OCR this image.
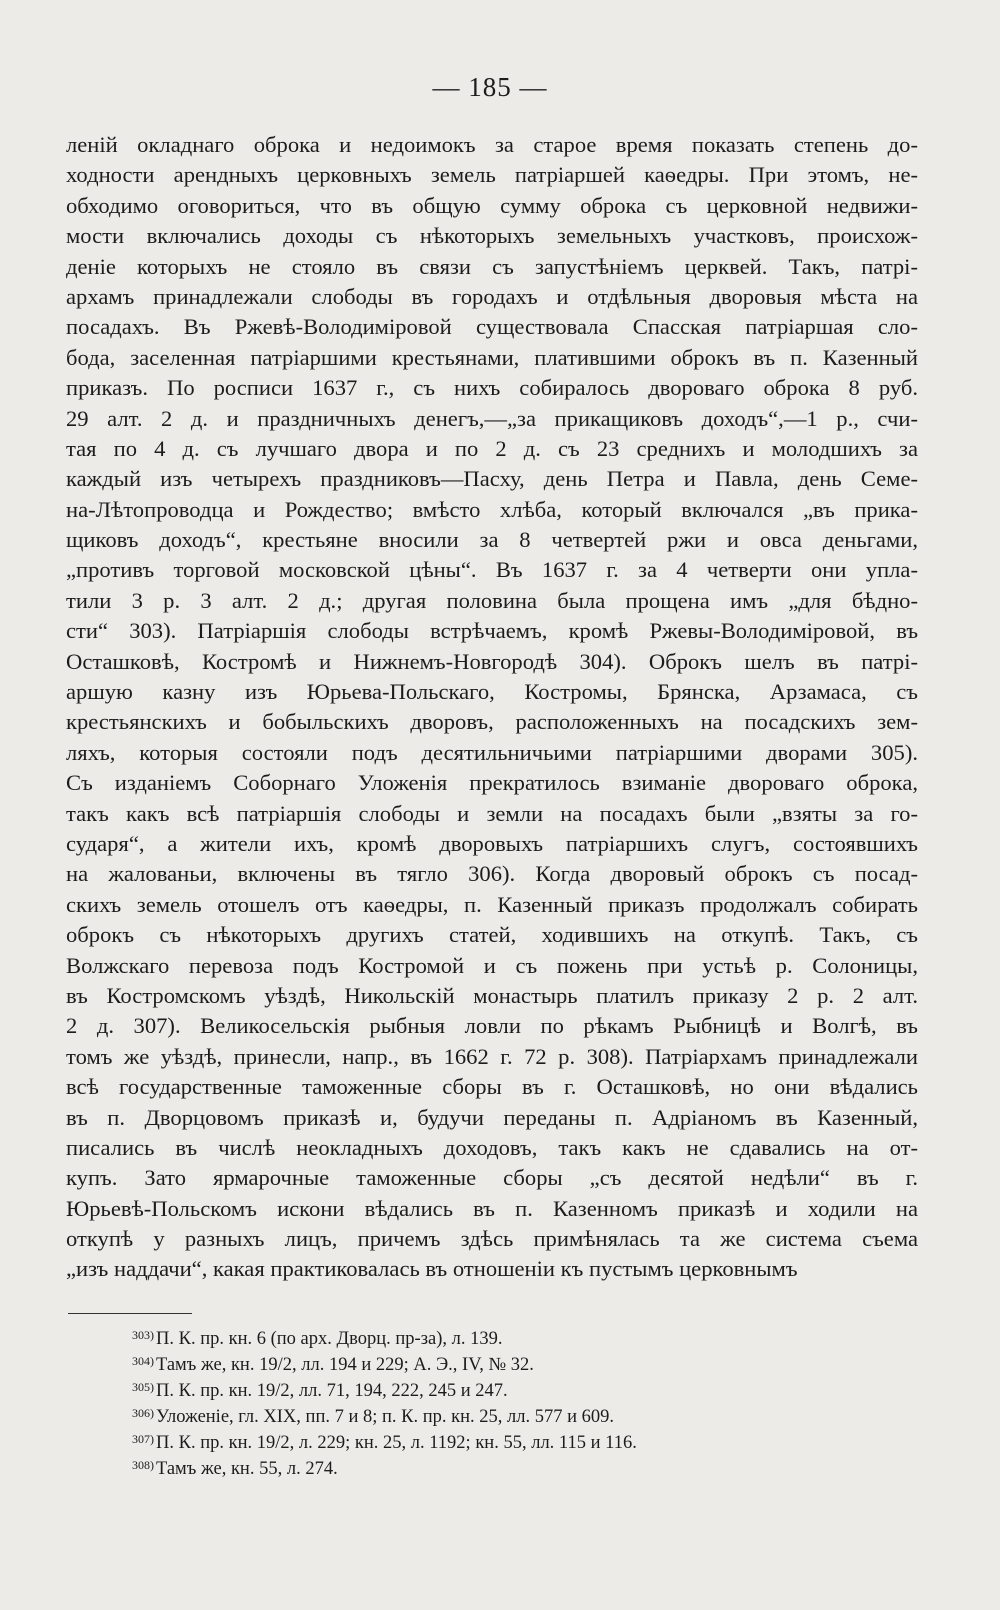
— 185 —
леній окладнаго оброка и недоимокъ за старое время показать степень до-
ходности арендныхъ церковныхъ земель патріаршей каѳедры. При этомъ, не-
обходимо оговориться, что въ общую сумму оброка съ церковной недвижи-
мости включались доходы съ нѣкоторыхъ земельныхъ участковъ, происхож-
деніе которыхъ не стояло въ связи съ запустѣніемъ церквей. Такъ, патрі-
архамъ принадлежали слободы въ городахъ и отдѣльныя дворовыя мѣста на
посадахъ. Въ Ржевѣ-Володимiровой существовала Спасская патріаршая сло-
бода, заселенная патріаршими крестьянами, платившими оброкъ въ п. Казенный
приказъ. По росписи 1637 г., съ нихъ собиралось двороваго оброка 8 руб.
29 алт. 2 д. и праздничныхъ денегъ,—„за прикащиковъ доходъ“,—1 р., счи-
тая по 4 д. съ лучшаго двора и по 2 д. съ 23 среднихъ и молодшихъ за
каждый изъ четырехъ праздниковъ—Пасху, день Петра и Павла, день Семе-
на-Лѣтопроводца и Рождество; вмѣсто хлѣба, который включался „въ прика-
щиковъ доходъ“, крестьяне вносили за 8 четвертей ржи и овса деньгами,
„противъ торговой московской цѣны“. Въ 1637 г. за 4 четверти они упла-
тили 3 р. 3 алт. 2 д.; другая половина была прощена имъ „для бѣдно-
сти“ 303). Патріаршія слободы встрѣчаемъ, кромѣ Ржевы-Володимiровой, въ
Осташковѣ, Костромѣ и Нижнемъ-Новгородѣ 304). Оброкъ шелъ въ патрі-
аршую казну изъ Юрьева-Польскаго, Костромы, Брянска, Арзамаса, съ
крестьянскихъ и бобыльскихъ дворовъ, расположенныхъ на посадскихъ зем-
ляхъ, которыя состояли подъ десятильничьими патріаршими дворами 305).
Съ изданіемъ Соборнаго Уложенія прекратилось взиманіе двороваго оброка,
такъ какъ всѣ патріаршія слободы и земли на посадахъ были „взяты за го-
сударя“, а жители ихъ, кромѣ дворовыхъ патріаршихъ слугъ, состоявшихъ
на жалованьи, включены въ тягло 306). Когда дворовый оброкъ съ посад-
скихъ земель отошелъ отъ каѳедры, п. Казенный приказъ продолжалъ собирать
оброкъ съ нѣкоторыхъ другихъ статей, ходившихъ на откупѣ. Такъ, съ
Волжскаго перевоза подъ Костромой и съ пожень при устьѣ р. Солоницы,
въ Костромскомъ уѣздѣ, Никольскій монастырь платилъ приказу 2 р. 2 алт.
2 д. 307). Великосельскія рыбныя ловли по рѣкамъ Рыбницѣ и Волгѣ, въ
томъ же уѣздѣ, принесли, напр., въ 1662 г. 72 р. 308). Патріархамъ принадлежали
всѣ государственные таможенные сборы въ г. Осташковѣ, но они вѣдались
въ п. Дворцовомъ приказѣ и, будучи переданы п. Адріаномъ въ Казенный,
писались въ числѣ неокладныхъ доходовъ, такъ какъ не сдавались на от-
купъ. Зато ярмарочные таможенные сборы „съ десятой недѣли“ въ г.
Юрьевѣ-Польскомъ искони вѣдались въ п. Казенномъ приказѣ и ходили на
откупѣ у разныхъ лицъ, причемъ здѣсь примѣнялась та же система съема
„изъ наддачи“, какая практиковалась въ отношеніи къ пустымъ церковнымъ
$^{303)}$ П. К. пр. кн. 6 (по арх. Дворц. пр-за), л. 139.
$^{304)}$ Тамъ же, кн. 19/2, лл. 194 и 229; А. Э., IV, № 32.
$^{305)}$ П. К. пр. кн. 19/2, лл. 71, 194, 222, 245 и 247.
$^{306)}$ Уложеніе, гл. XIX, пп. 7 и 8; п. К. пр. кн. 25, лл. 577 и 609.
$^{307)}$ П. К. пр. кн. 19/2, л. 229; кн. 25, л. 1192; кн. 55, лл. 115 и 116.
$^{308)}$ Тамъ же, кн. 55, л. 274.
